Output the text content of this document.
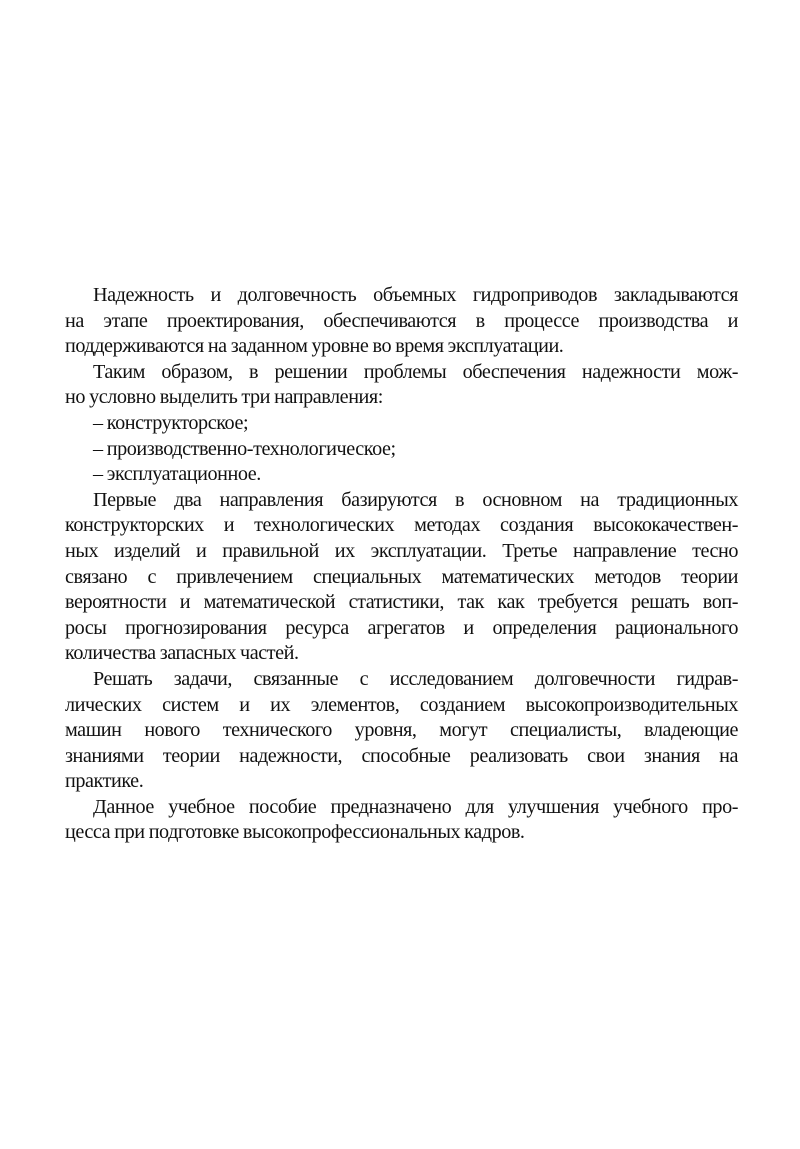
Надежность и долговечность объемных гидроприводов закладываются
на этапе проектирования, обеспечиваются в процессе производства и
поддерживаются на заданном уровне во время эксплуатации.
Таким образом, в решении проблемы обеспечения надежности мож-
но условно выделить три направления:
– конструкторское;
– производственно-технологическое;
– эксплуатационное.
Первые два направления базируются в основном на традиционных
конструкторских и технологических методах создания высококачествен-
ных изделий и правильной их эксплуатации. Третье направление тесно
связано с привлечением специальных математических методов теории
вероятности и математической статистики, так как требуется решать воп-
росы прогнозирования ресурса агрегатов и определения рационального
количества запасных частей.
Решать задачи, связанные с исследованием долговечности гидрав-
лических систем и их элементов, созданием высокопроизводительных
машин нового технического уровня, могут специалисты, владеющие
знаниями теории надежности, способные реализовать свои знания на
практике.
Данное учебное пособие предназначено для улучшения учебного про-
цесса при подготовке высокопрофессиональных кадров.
